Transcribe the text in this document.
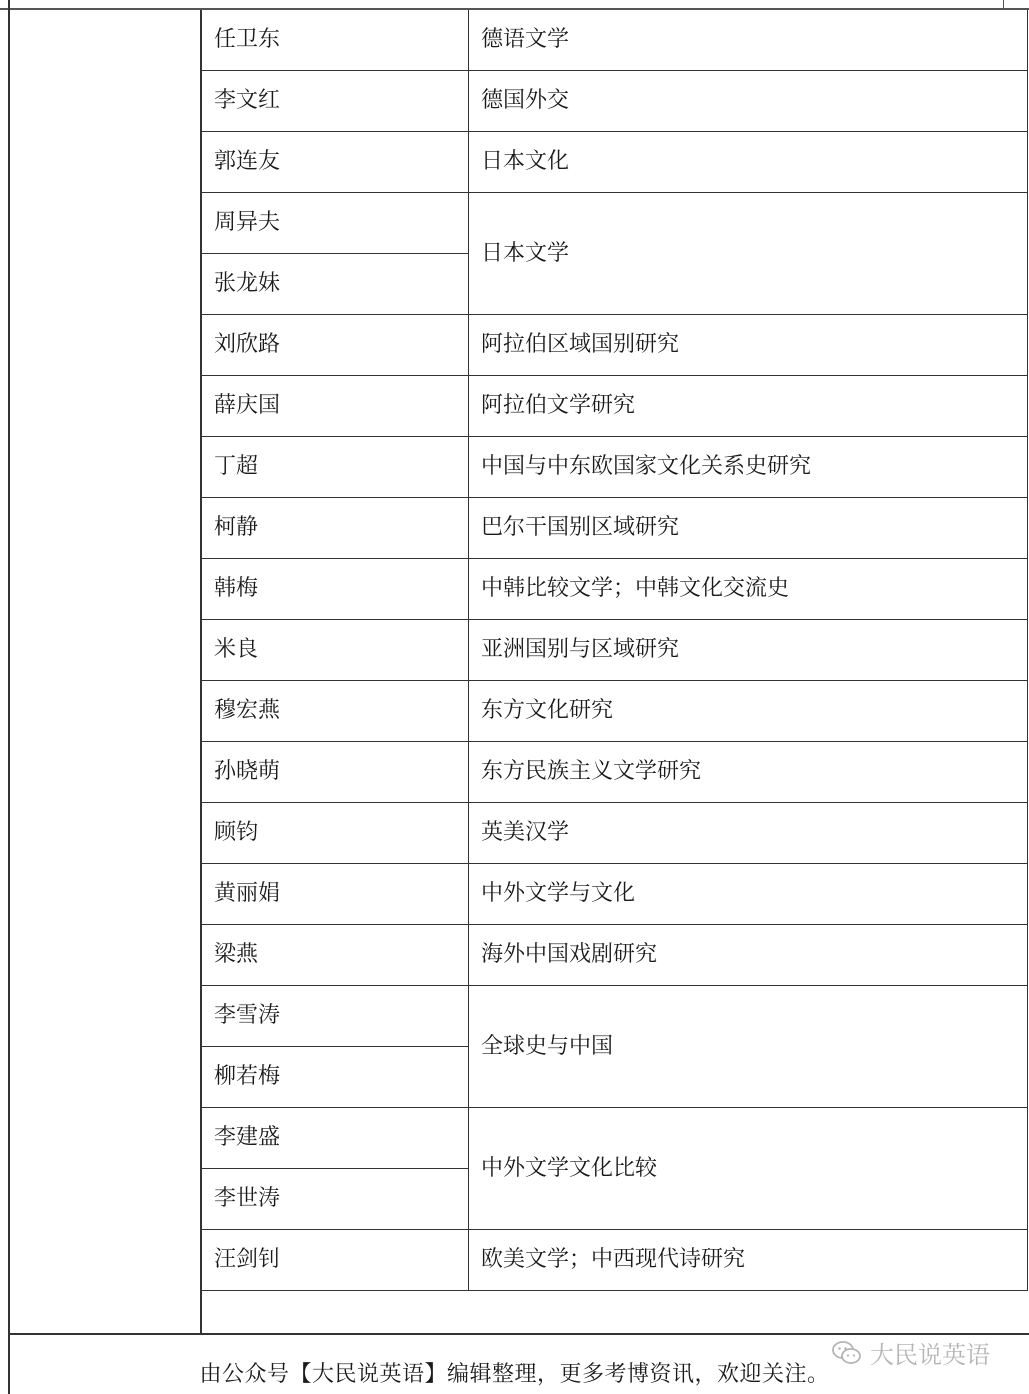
任卫东	德语文学
李文红	德国外交
郭连友	日本文化
周异夫	日本文学
张龙妹	
刘欣路	阿拉伯区域国别研究
薛庆国	阿拉伯文学研究
丁超	中国与中东欧国家文化关系史研究
柯静	巴尔干国别区域研究
韩梅	中韩比较文学；中韩文化交流史
米良	亚洲国别与区域研究
穆宏燕	东方文化研究
孙晓萌	东方民族主义文学研究
顾钧	英美汉学
黄丽娟	中外文学与文化
梁燕	海外中国戏剧研究
李雪涛	全球史与中国
柳若梅	
李建盛	中外文学文化比较
李世涛	
汪剑钊	欧美文学；中西现代诗研究
由公众号【大民说英语】编辑整理，更多考博资讯，欢迎关注。
大民说英语
